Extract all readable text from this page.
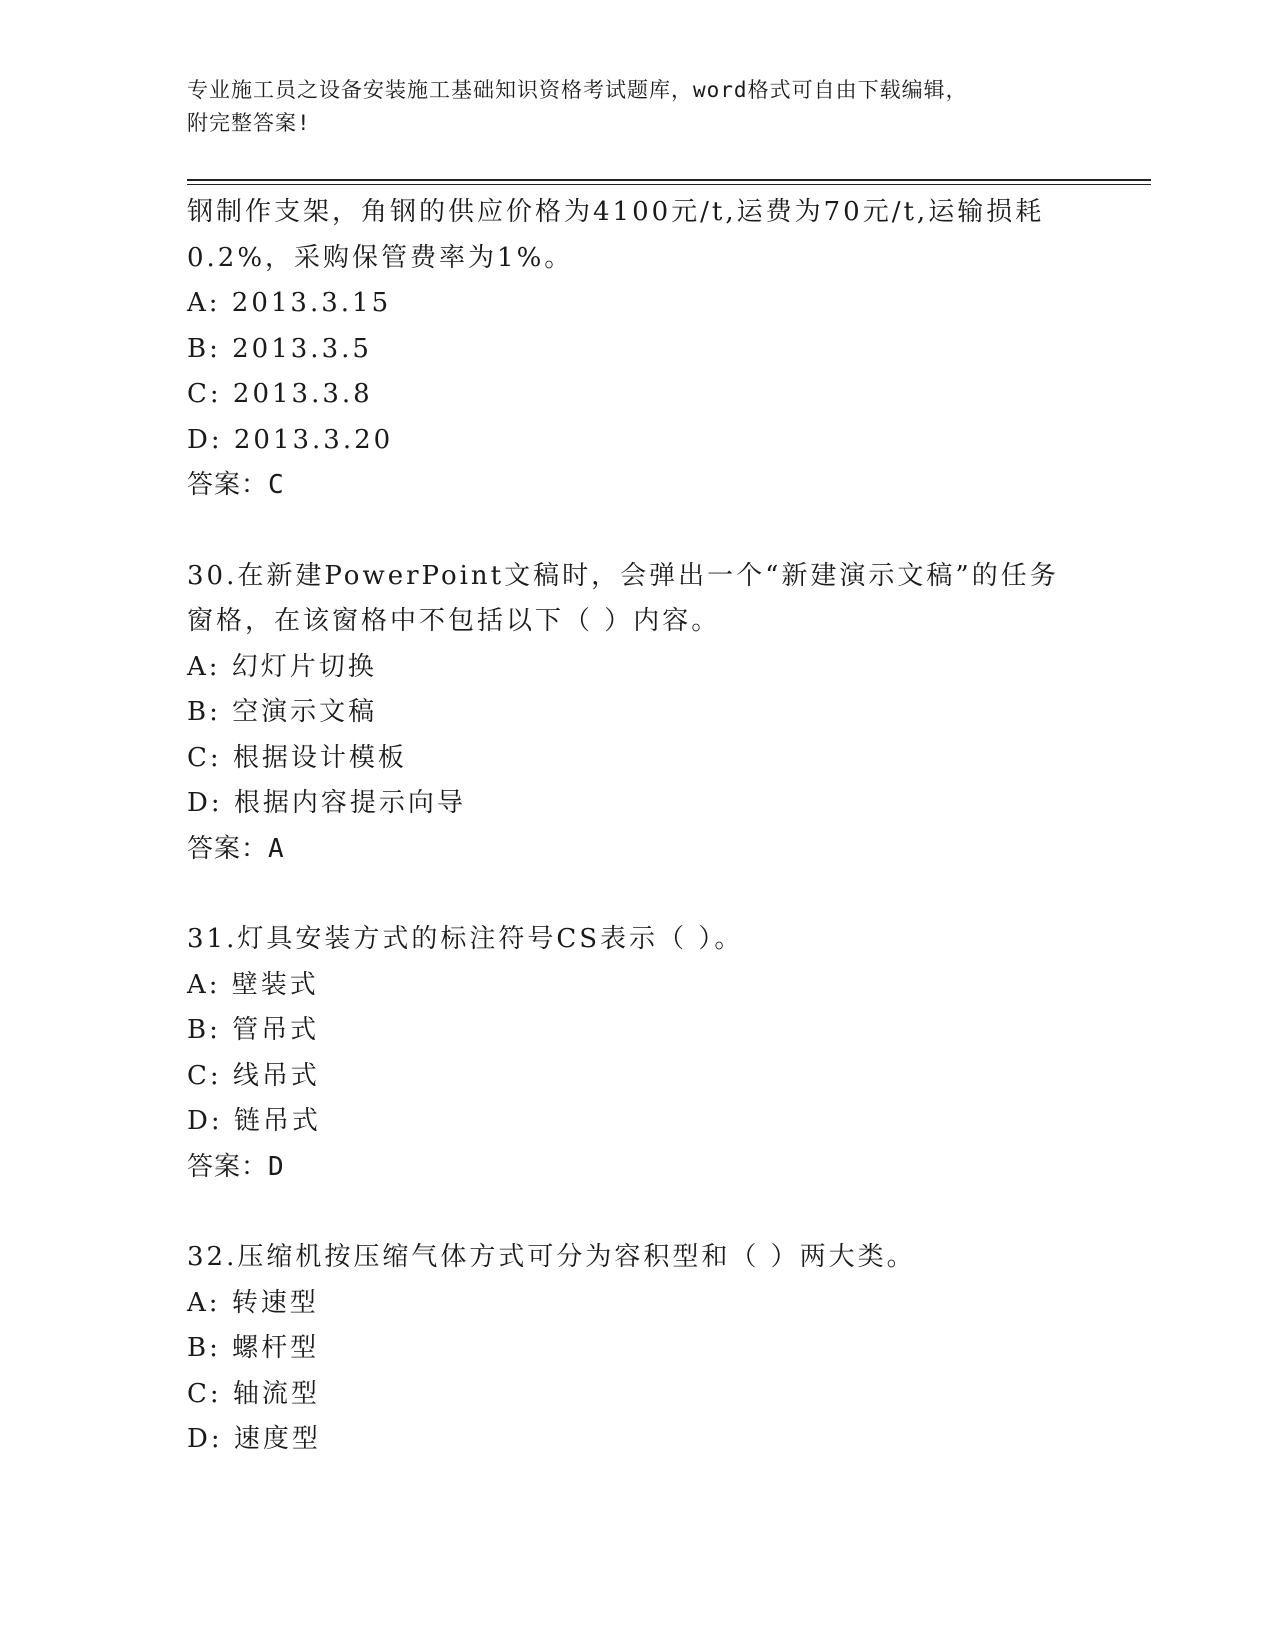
专业施工员之设备安装施工基础知识资格考试题库，word格式可自由下载编辑，
附完整答案!

钢制作支架，角钢的供应价格为4100元/t,运费为70元/t,运输损耗

0.2%，采购保管费率为1%。

A: 2013.3.15

B: 2013.3.5

C: 2013.3.8

D: 2013.3.20

答案：C

30.在新建PowerPoint文稿时，会弹出一个“新建演示文稿”的任务

窗格，在该窗格中不包括以下（ ）内容。

A: 幻灯片切换

B: 空演示文稿

C: 根据设计模板

D: 根据内容提示向导

答案：A

31.灯具安装方式的标注符号CS表示（ ）。

A: 壁装式

B: 管吊式

C: 线吊式

D: 链吊式

答案：D

32.压缩机按压缩气体方式可分为容积型和（ ）两大类。

A: 转速型

B: 螺杆型

C: 轴流型

D: 速度型
